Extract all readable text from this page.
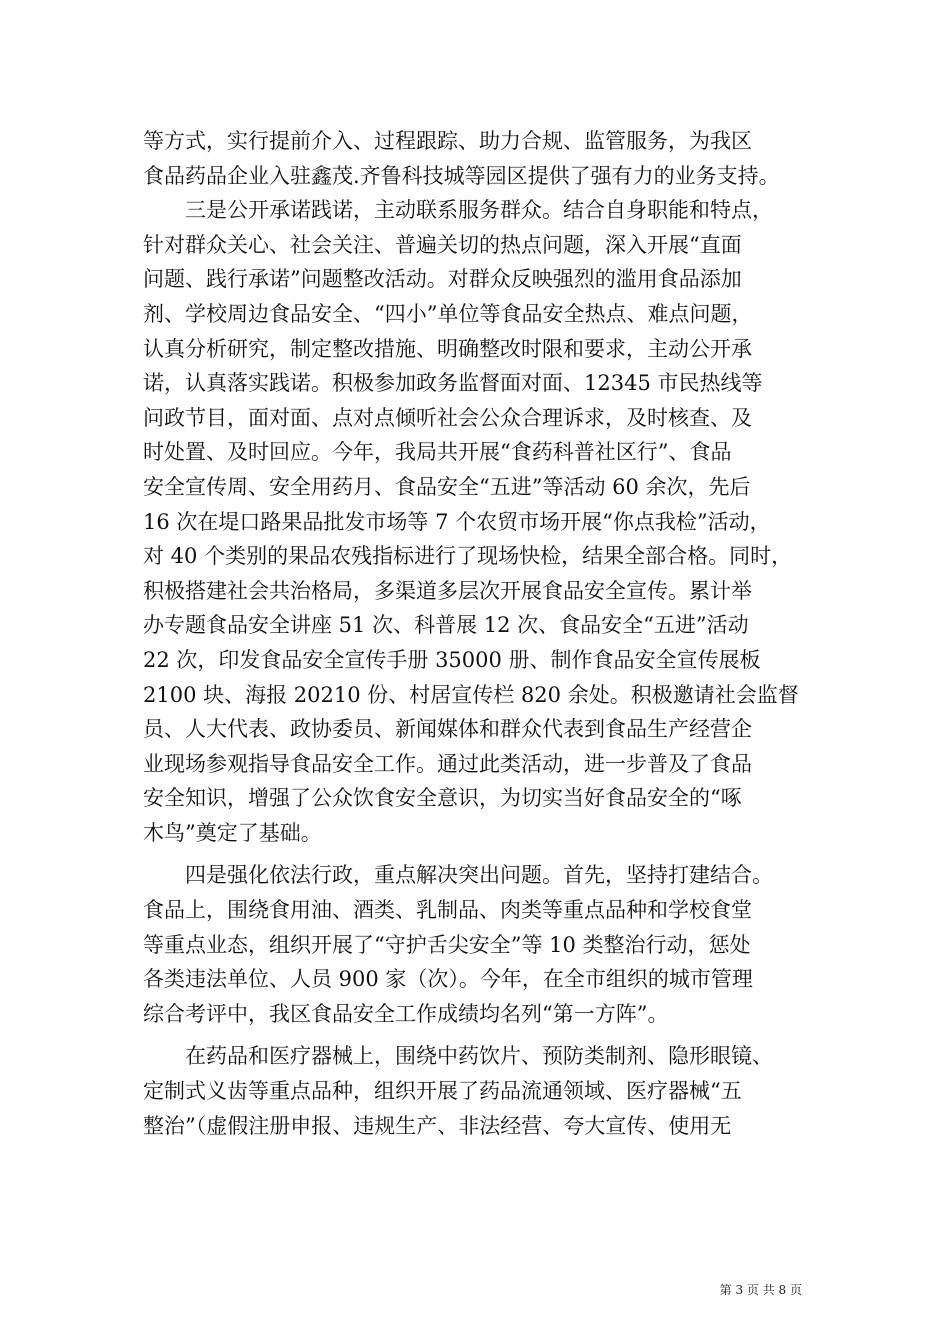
等方式，实行提前介入、过程跟踪、助力合规、监管服务，为我区
食品药品企业入驻鑫茂.齐鲁科技城等园区提供了强有力的业务支持。
　　三是公开承诺践诺，主动联系服务群众。结合自身职能和特点，
针对群众关心、社会关注、普遍关切的热点问题，深入开展“直面
问题、践行承诺”问题整改活动。对群众反映强烈的滥用食品添加
剂、学校周边食品安全、“四小”单位等食品安全热点、难点问题，
认真分析研究，制定整改措施、明确整改时限和要求，主动公开承
诺，认真落实践诺。积极参加政务监督面对面、12345 市民热线等
问政节目，面对面、点对点倾听社会公众合理诉求，及时核查、及
时处置、及时回应。今年，我局共开展“食药科普社区行”、食品
安全宣传周、安全用药月、食品安全“五进”等活动 60 余次，先后
16 次在堤口路果品批发市场等 7 个农贸市场开展“你点我检”活动，
对 40 个类别的果品农残指标进行了现场快检，结果全部合格。同时，
积极搭建社会共治格局，多渠道多层次开展食品安全宣传。累计举
办专题食品安全讲座 51 次、科普展 12 次、食品安全“五进”活动
22 次，印发食品安全宣传手册 35000 册、制作食品安全宣传展板
2100 块、海报 20210 份、村居宣传栏 820 余处。积极邀请社会监督
员、人大代表、政协委员、新闻媒体和群众代表到食品生产经营企
业现场参观指导食品安全工作。通过此类活动，进一步普及了食品
安全知识，增强了公众饮食安全意识，为切实当好食品安全的“啄
木鸟”奠定了基础。
　　四是强化依法行政，重点解决突出问题。首先，坚持打建结合。
食品上，围绕食用油、酒类、乳制品、肉类等重点品种和学校食堂
等重点业态，组织开展了“守护舌尖安全”等 10 类整治行动，惩处
各类违法单位、人员 900 家（次）。今年，在全市组织的城市管理
综合考评中，我区食品安全工作成绩均名列“第一方阵”。
　　在药品和医疗器械上，围绕中药饮片、预防类制剂、隐形眼镜、
定制式义齿等重点品种，组织开展了药品流通领域、医疗器械“五
整治”（虚假注册申报、违规生产、非法经营、夸大宣传、使用无
第 3 页 共 8 页
